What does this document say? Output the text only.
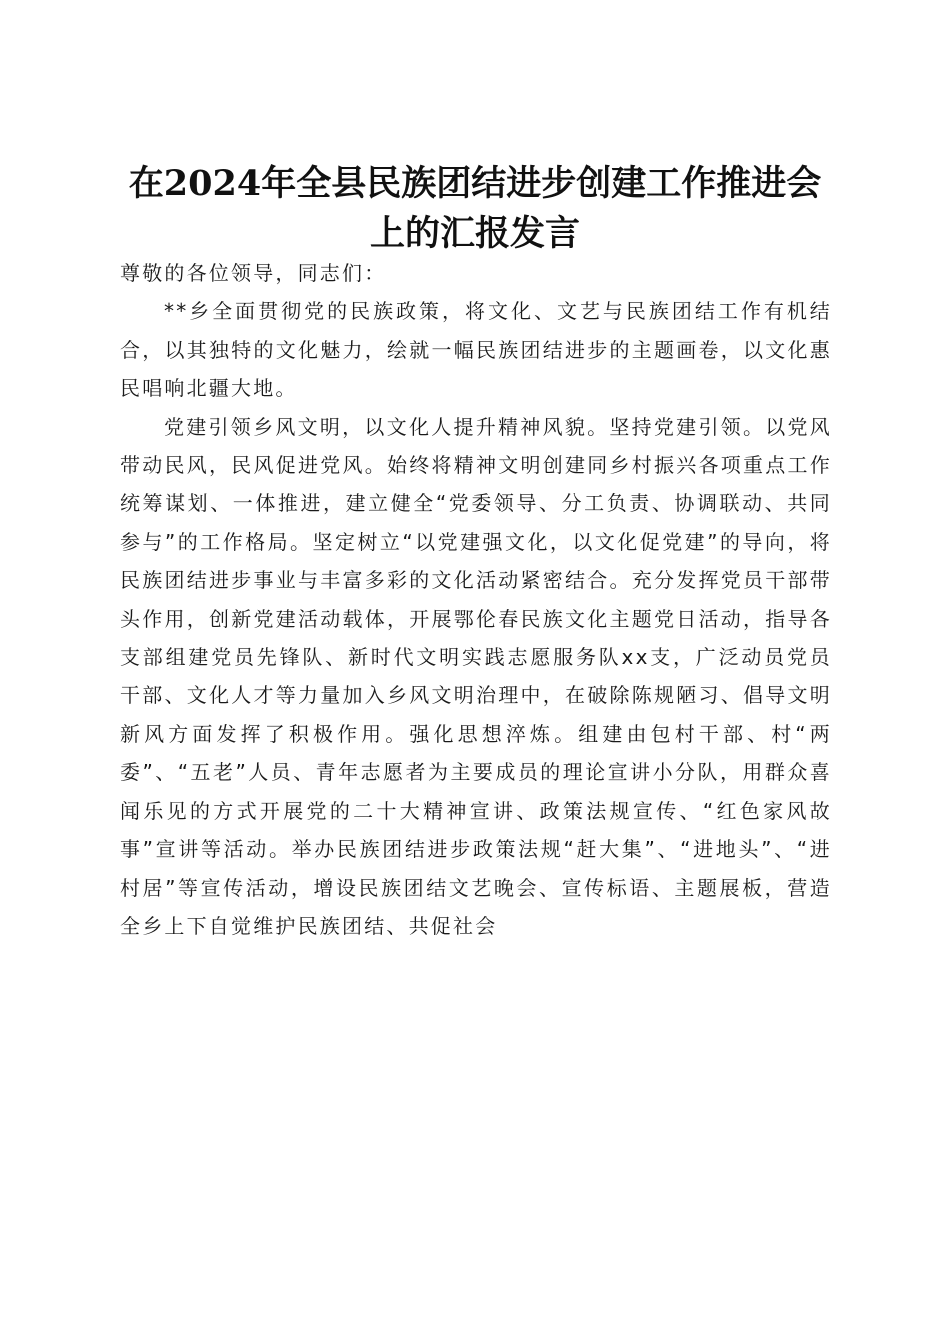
在2024年全县民族团结进步创建工作推进会
上的汇报发言

尊敬的各位领导，同志们：

**乡全面贯彻党的民族政策，将文化、文艺与民族团结工作有机结合，以其独特的文化魅力，绘就一幅民族团结进步的主题画卷，以文化惠民唱响北疆大地。

党建引领乡风文明，以文化人提升精神风貌。坚持党建引领。以党风带动民风，民风促进党风。始终将精神文明创建同乡村振兴各项重点工作统筹谋划、一体推进，建立健全“党委领导、分工负责、协调联动、共同参与”的工作格局。坚定树立“以党建强文化，以文化促党建”的导向，将民族团结进步事业与丰富多彩的文化活动紧密结合。充分发挥党员干部带头作用，创新党建活动载体，开展鄂伦春民族文化主题党日活动，指导各支部组建党员先锋队、新时代文明实践志愿服务队xx支，广泛动员党员干部、文化人才等力量加入乡风文明治理中，在破除陈规陋习、倡导文明新风方面发挥了积极作用。强化思想淬炼。组建由包村干部、村“两委”、“五老”人员、青年志愿者为主要成员的理论宣讲小分队，用群众喜闻乐见的方式开展党的二十大精神宣讲、政策法规宣传、“红色家风故事”宣讲等活动。举办民族团结进步政策法规“赶大集”、“进地头”、“进村居”等宣传活动，增设民族团结文艺晚会、宣传标语、主题展板，营造全乡上下自觉维护民族团结、共促社会
